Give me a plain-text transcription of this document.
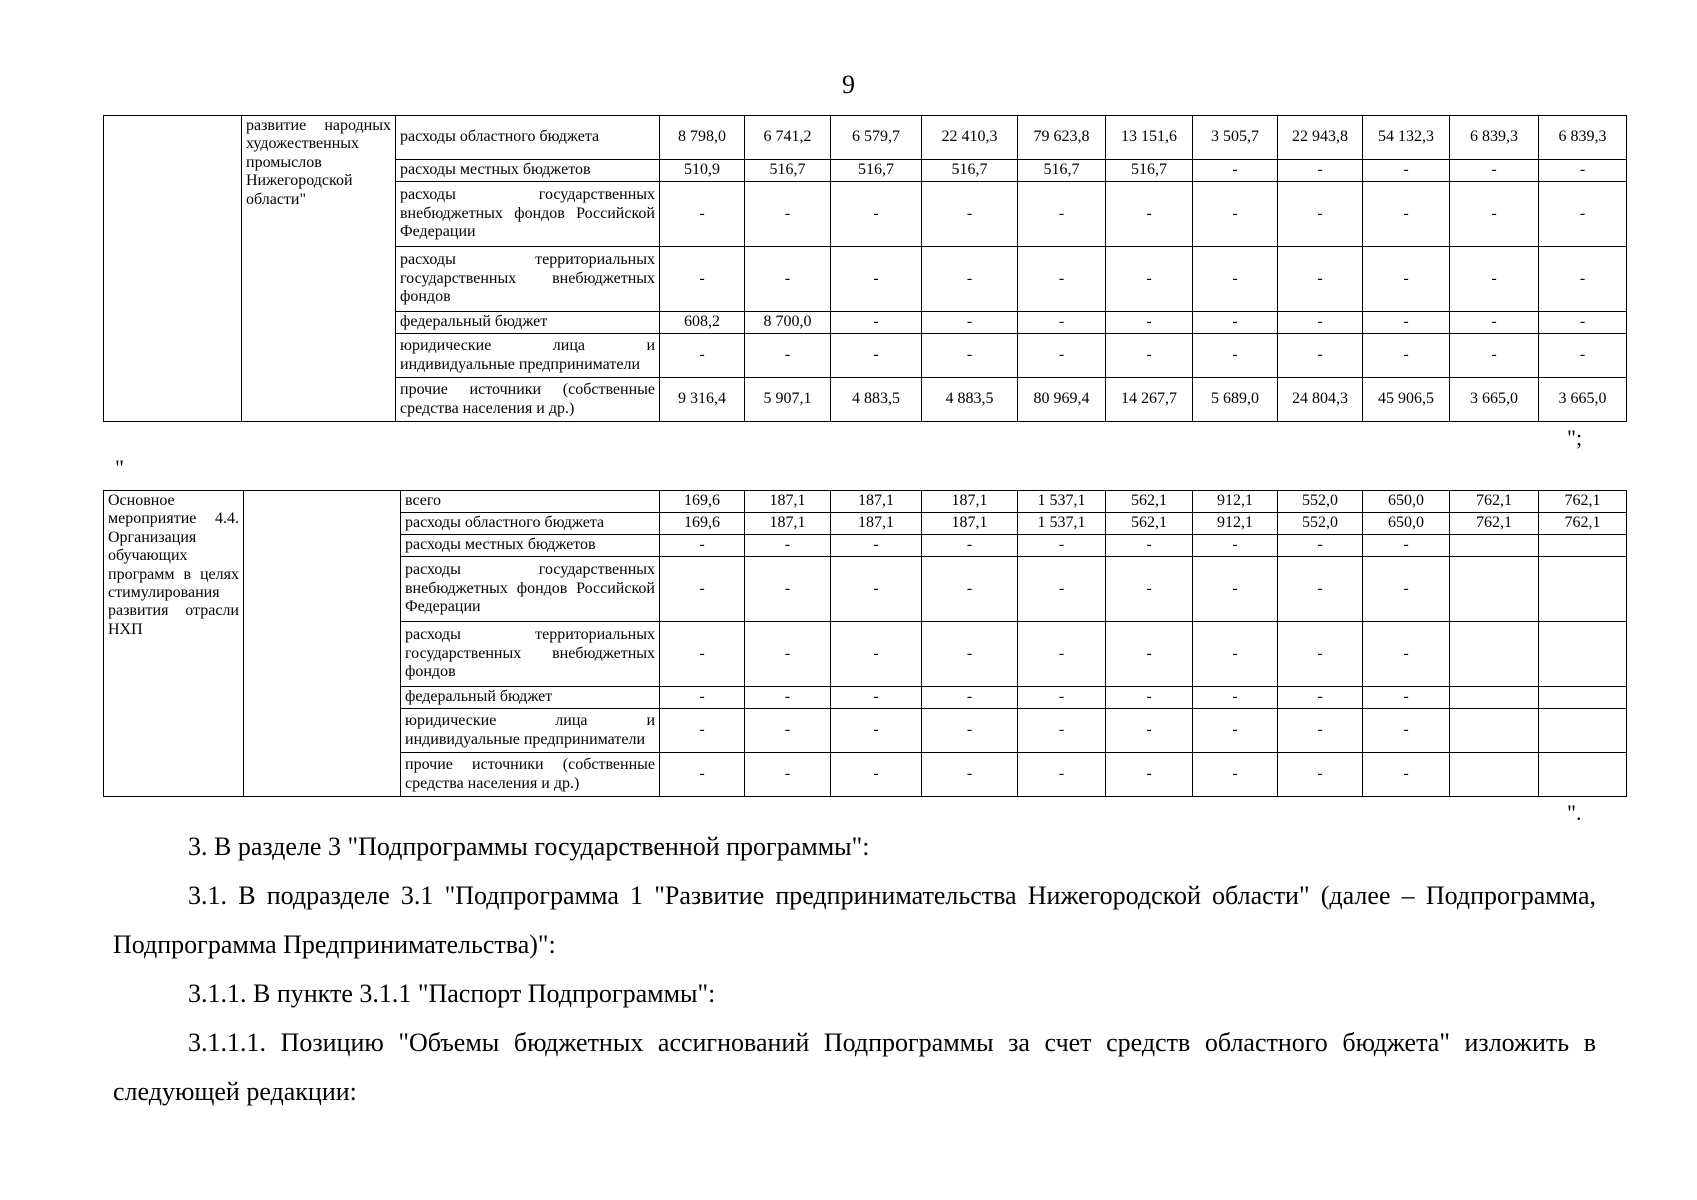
9
	развитие народных художественных промыслов Нижегородской области"	расходы областного бюджета	8 798,0	6 741,2	6 579,7	22 410,3	79 623,8	13 151,6	3 505,7	22 943,8	54 132,3	6 839,3	6 839,3
		расходы местных бюджетов	510,9	516,7	516,7	516,7	516,7	516,7	-	-	-	-	-
		расходы государственных внебюджетных фондов Российской Федерации	-	-	-	-	-	-	-	-	-	-	-
		расходы территориальных государственных внебюджетных фондов	-	-	-	-	-	-	-	-	-	-	-
		федеральный бюджет	608,2	8 700,0	-	-	-	-	-	-	-	-	-
		юридические лица и индивидуальные предприниматели	-	-	-	-	-	-	-	-	-	-	-
		прочие источники (собственные средства населения и др.)	9 316,4	5 907,1	4 883,5	4 883,5	80 969,4	14 267,7	5 689,0	24 804,3	45 906,5	3 665,0	3 665,0
";
"
Основное мероприятие 4.4. Организация обучающих программ в целях стимулирования развития отрасли НХП		всего	169,6	187,1	187,1	187,1	1 537,1	562,1	912,1	552,0	650,0	762,1	762,1
		расходы областного бюджета	169,6	187,1	187,1	187,1	1 537,1	562,1	912,1	552,0	650,0	762,1	762,1
		расходы местных бюджетов	-	-	-	-	-	-	-	-	-		
		расходы государственных внебюджетных фондов Российской Федерации	-	-	-	-	-	-	-	-	-		
		расходы территориальных государственных внебюджетных фондов	-	-	-	-	-	-	-	-	-		
		федеральный бюджет	-	-	-	-	-	-	-	-	-		
		юридические лица и индивидуальные предприниматели	-	-	-	-	-	-	-	-	-		
		прочие источники (собственные средства населения и др.)	-	-	-	-	-	-	-	-	-		
".

3. В разделе 3 "Подпрограммы государственной программы":

3.1. В подразделе 3.1 "Подпрограмма 1 "Развитие предпринимательства Нижегородской области" (далее – Подпрограмма, Подпрограмма Предпринимательства)":

3.1.1. В пункте 3.1.1 "Паспорт Подпрограммы":

3.1.1.1. Позицию "Объемы бюджетных ассигнований Подпрограммы за счет средств областного бюджета" изложить в следующей редакции:
